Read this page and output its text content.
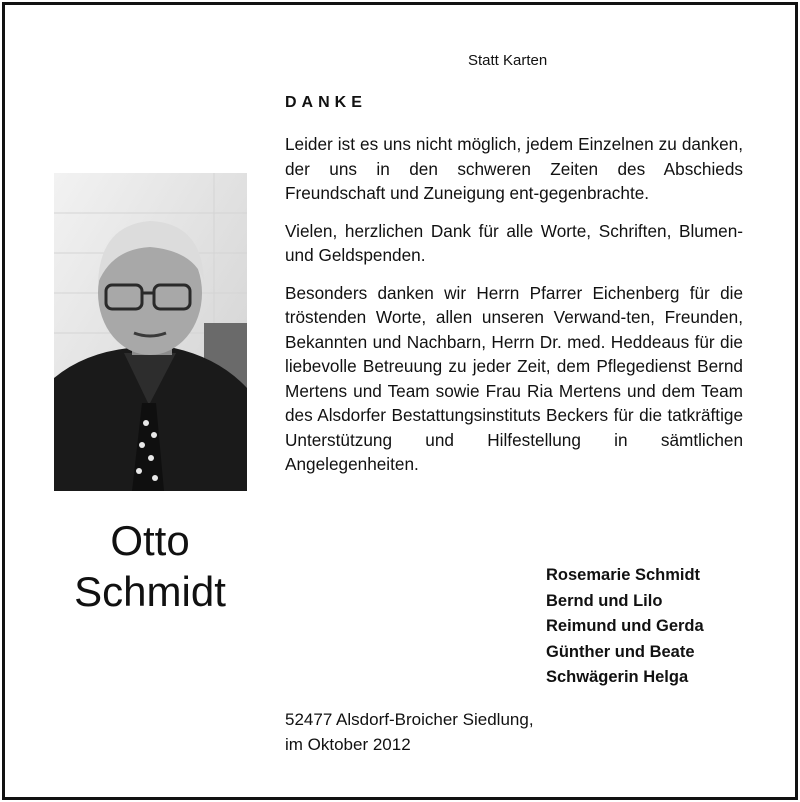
Statt Karten
DANKE

Leider ist es uns nicht möglich, jedem Einzelnen zu danken, der uns in den schweren Zeiten des Abschieds Freundschaft und Zuneigung ent-gegenbrachte.

Vielen, herzlichen Dank für alle Worte, Schriften, Blumen- und Geldspenden.

Besonders danken wir Herrn Pfarrer Eichenberg für die tröstenden Worte, allen unseren Verwand-ten, Freunden, Bekannten und Nachbarn, Herrn Dr. med. Heddeaus für die liebevolle Betreuung zu jeder Zeit, dem Pflegedienst Bernd Mertens und Team sowie Frau Ria Mertens und dem Team des Alsdorfer Bestattungsinstituts Beckers für die tatkräftige Unterstützung und Hilfestellung in sämtlichen Angelegenheiten.

Otto
Schmidt	Rosemarie Schmidt
Bernd und Lilo
Reimund und Gerda
Günther und Beate
Schwägerin Helga
52477 Alsdorf-Broicher Siedlung,
im Oktober 2012
